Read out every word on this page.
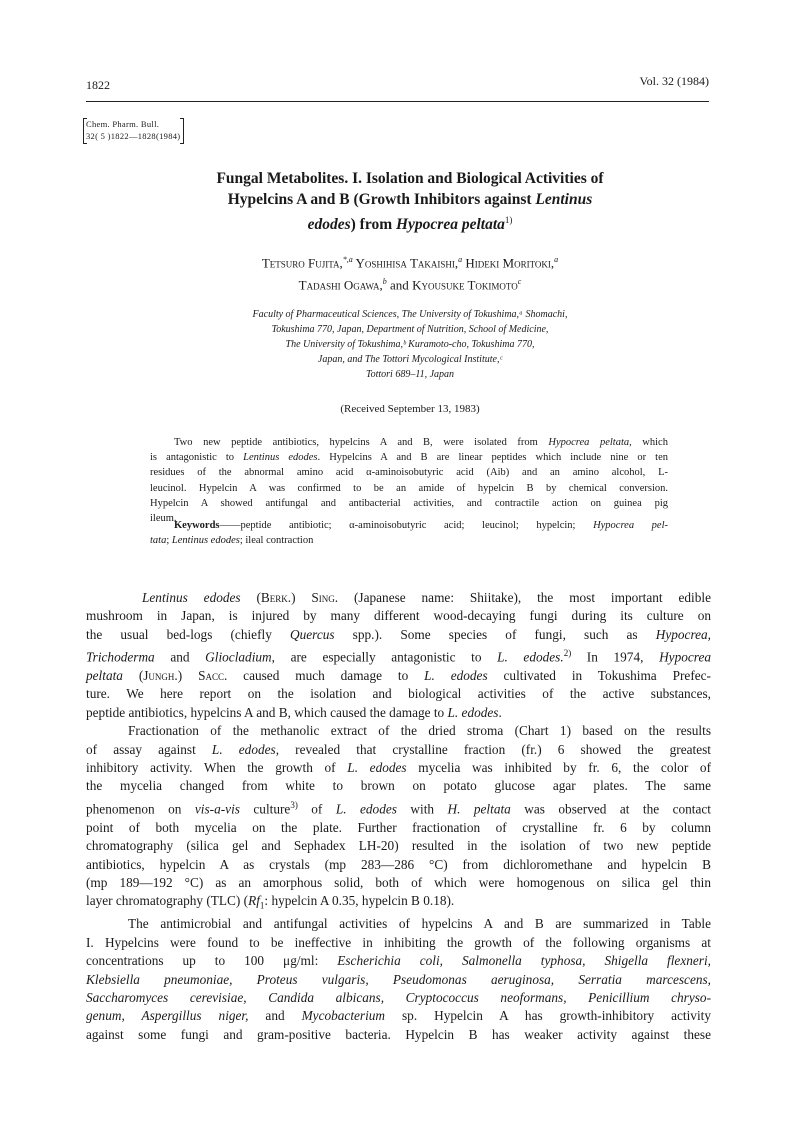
1822	Vol. 32 (1984)
Chem. Pharm. Bull.
32( 5 )1822—1828(1984)
Fungal Metabolites. I. Isolation and Biological Activities of
Hypelcins A and B (Growth Inhibitors against Lentinus
edodes) from Hypocrea peltata$^{1)}$
Tetsuro Fujita,$^{*,a}$ Yoshihisa Takaishi,$^a$ Hideki Moritoki,$^a$
Tadashi Ogawa,$^b$ and Kyousuke Tokimoto$^c$
Faculty of Pharmaceutical Sciences, The University of Tokushima,ᵃ Shomachi,
Tokushima 770, Japan, Department of Nutrition, School of Medicine,
The University of Tokushima,ᵇ Kuramoto-cho, Tokushima 770,
Japan, and The Tottori Mycological Institute,ᶜ
Tottori 689–11, Japan
(Received September 13, 1983)
Two new peptide antibiotics, hypelcins A and B, were isolated from Hypocrea peltata, which
is antagonistic to Lentinus edodes. Hypelcins A and B are linear peptides which include nine or ten
residues of the abnormal amino acid α-aminoisobutyric acid (Aib) and an amino alcohol, L-
leucinol. Hypelcin A was confirmed to be an amide of hypelcin B by chemical conversion.
Hypelcin A showed antifungal and antibacterial activities, and contractile action on guinea pig
ileum.
Keywords——peptide antibiotic; α-aminoisobutyric acid; leucinol; hypelcin; Hypocrea pel-
tata; Lentinus edodes; ileal contraction
Lentinus edodes (Berk.) Sing. (Japanese name: Shiitake), the most important edible
mushroom in Japan, is injured by many different wood-decaying fungi during its culture on
the usual bed-logs (chiefly Quercus spp.). Some species of fungi, such as Hypocrea,
Trichoderma and Gliocladium, are especially antagonistic to L. edodes.$^{2)}$ In 1974, Hypocrea
peltata (Jungh.) Sacc. caused much damage to L. edodes cultivated in Tokushima Prefec-
ture. We here report on the isolation and biological activities of the active substances,
peptide antibiotics, hypelcins A and B, which caused the damage to L. edodes.
Fractionation of the methanolic extract of the dried stroma (Chart 1) based on the results
of assay against L. edodes, revealed that crystalline fraction (fr.) 6 showed the greatest
inhibitory activity. When the growth of L. edodes mycelia was inhibited by fr. 6, the color of
the mycelia changed from white to brown on potato glucose agar plates. The same
phenomenon on vis-a-vis culture$^{3)}$ of L. edodes with H. peltata was observed at the contact
point of both mycelia on the plate. Further fractionation of crystalline fr. 6 by column
chromatography (silica gel and Sephadex LH-20) resulted in the isolation of two new peptide
antibiotics, hypelcin A as crystals (mp 283—286 °C) from dichloromethane and hypelcin B
(mp 189—192 °C) as an amorphous solid, both of which were homogenous on silica gel thin
layer chromatography (TLC) ($Rf_1$: hypelcin A 0.35, hypelcin B 0.18).
The antimicrobial and antifungal activities of hypelcins A and B are summarized in Table
I. Hypelcins were found to be ineffective in inhibiting the growth of the following organisms at
concentrations up to 100 μg/ml: Escherichia coli, Salmonella typhosa, Shigella flexneri,
Klebsiella pneumoniae, Proteus vulgaris, Pseudomonas aeruginosa, Serratia marcescens,
Saccharomyces cerevisiae, Candida albicans, Cryptococcus neoformans, Penicillium chryso-
genum, Aspergillus niger, and Mycobacterium sp. Hypelcin A has growth-inhibitory activity
against some fungi and gram-positive bacteria. Hypelcin B has weaker activity against these
